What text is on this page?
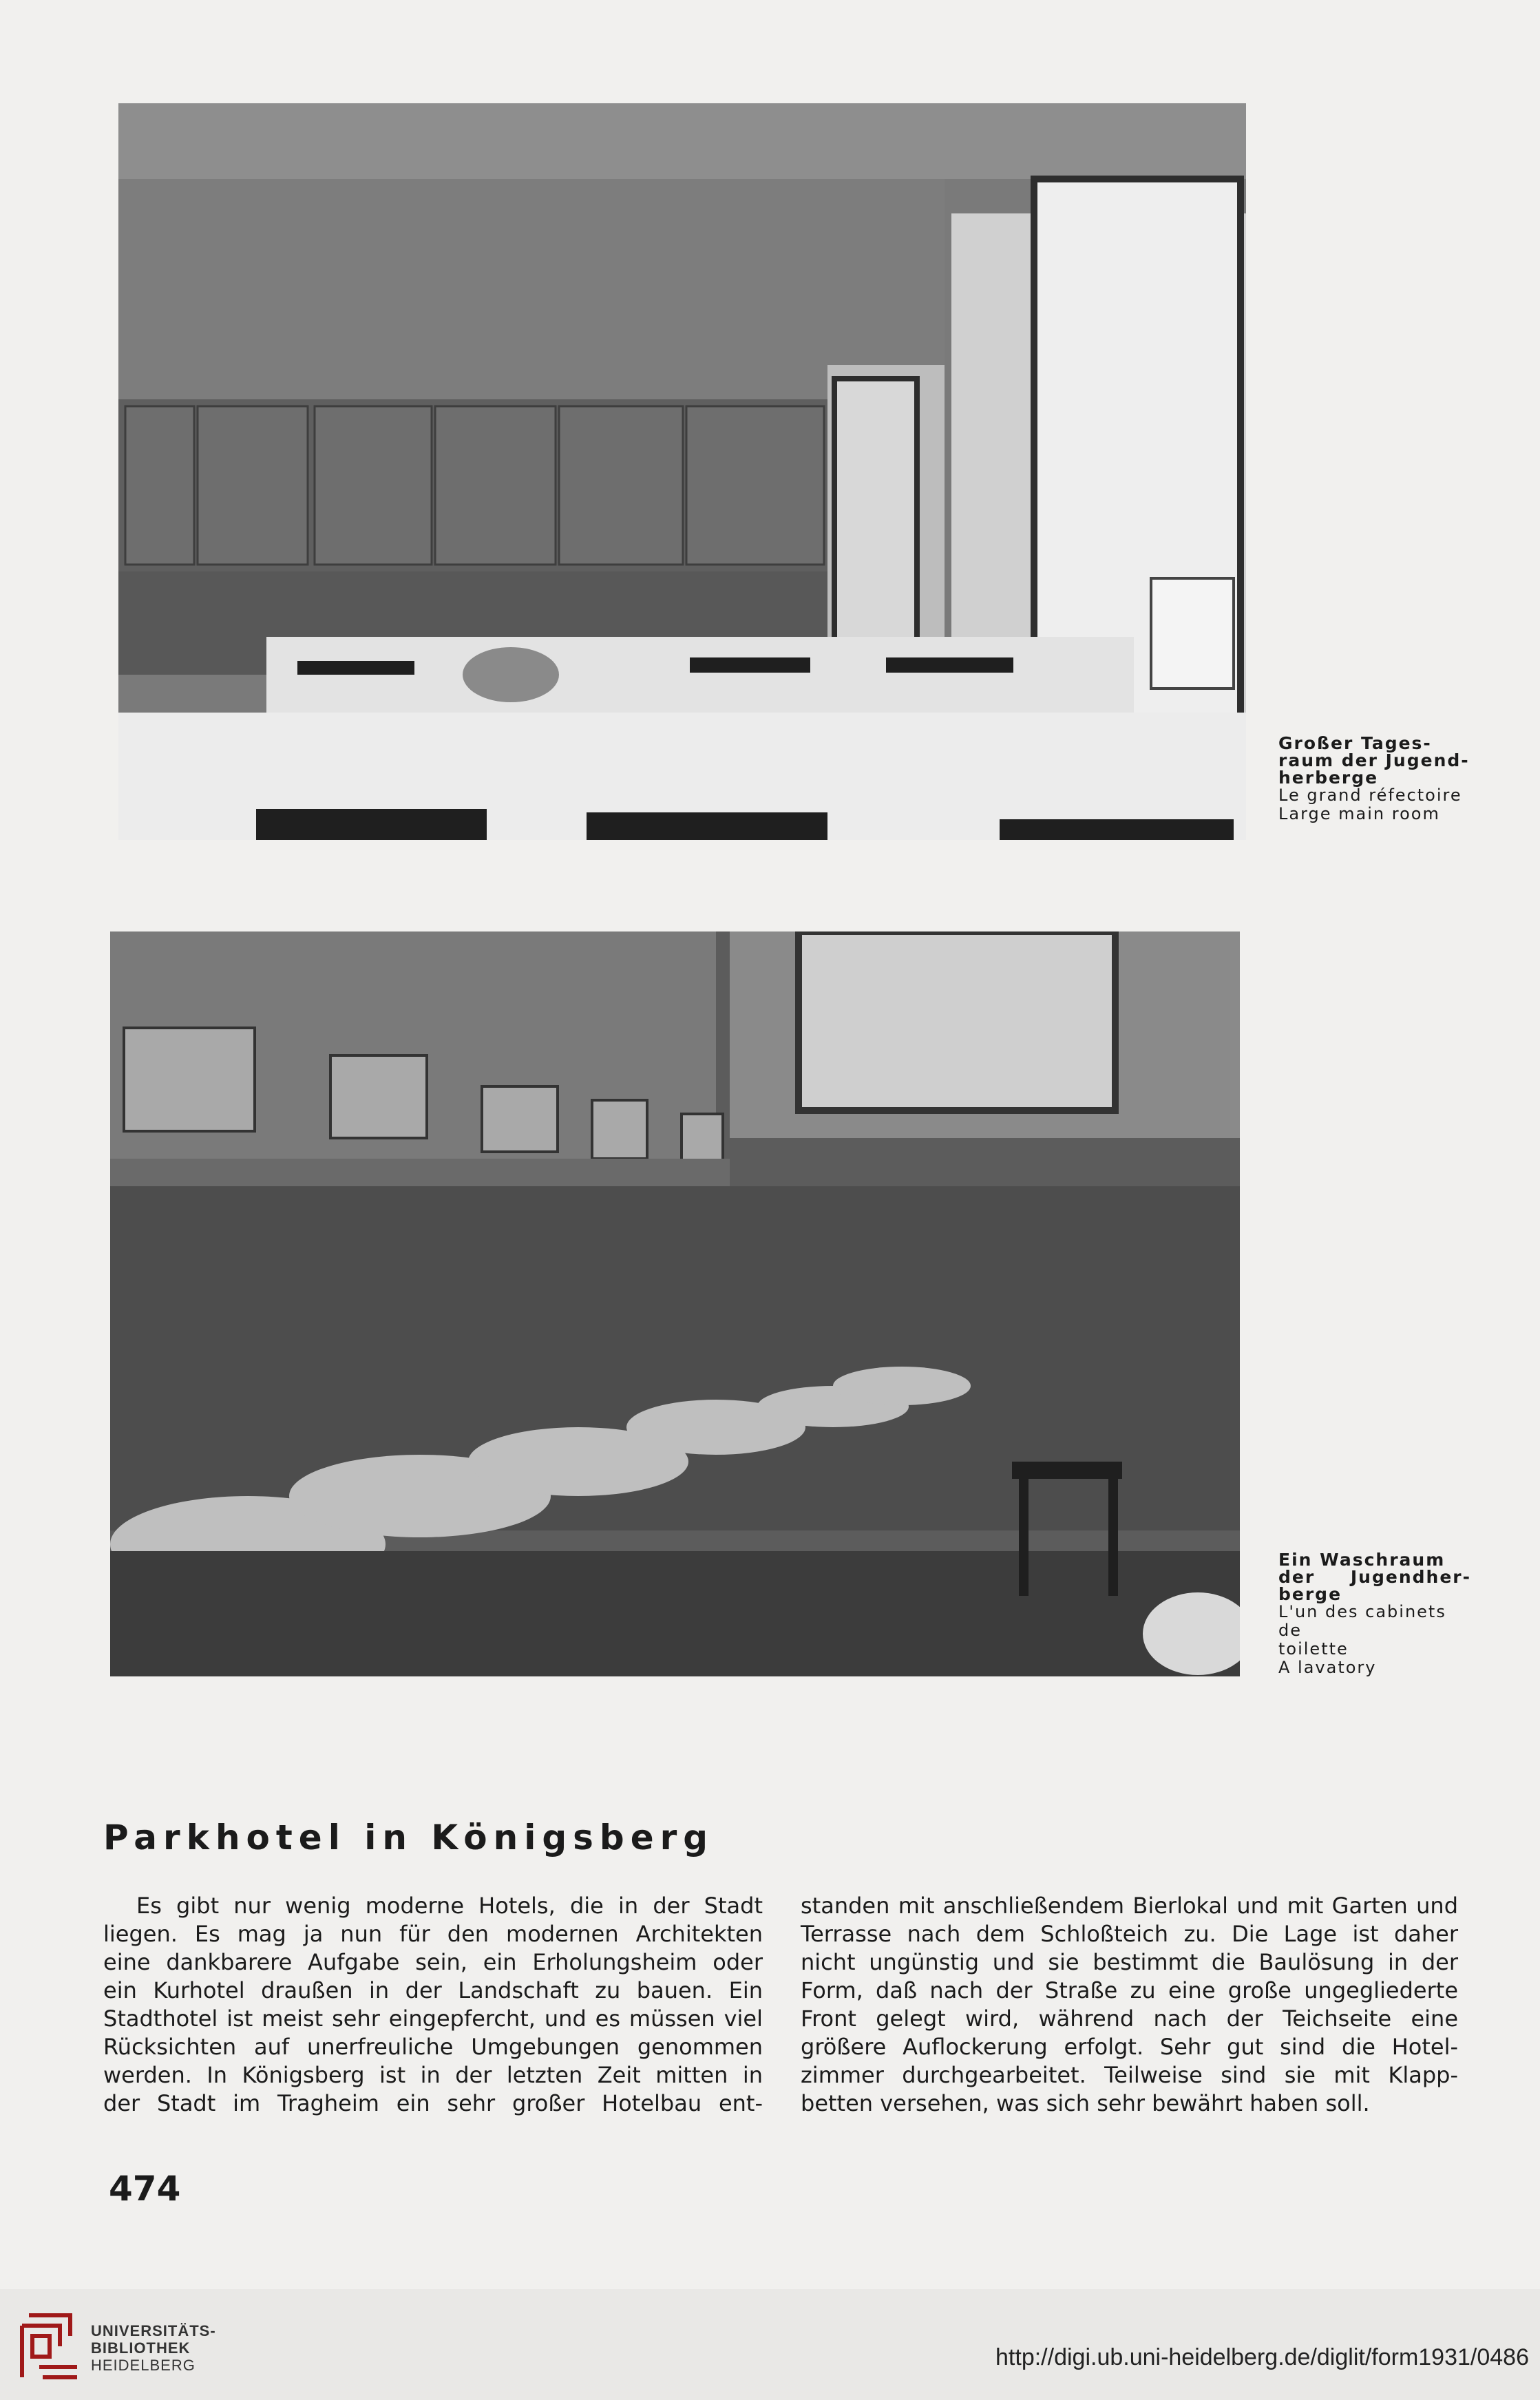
Großer Tages-

raum der Jugend-

herberge

Le grand réfectoire

Large main room

Ein Waschraum

der Jugendher-

berge

L'un des cabinets de

toilette

A lavatory

Parkhotel in Königsberg
Es gibt nur wenig moderne Hotels, die in der Stadt
liegen. Es mag ja nun für den modernen Architekten
eine dankbarere Aufgabe sein, ein Erholungsheim oder
ein Kurhotel draußen in der Landschaft zu bauen. Ein
Stadthotel ist meist sehr eingepfercht, und es müssen viel
Rücksichten auf unerfreuliche Umgebungen genommen
werden. In Königsberg ist in der letzten Zeit mitten in
der Stadt im Tragheim ein sehr großer Hotelbau ent-
standen mit anschließendem Bierlokal und mit Garten und
Terrasse nach dem Schloßteich zu. Die Lage ist daher
nicht ungünstig und sie bestimmt die Baulösung in der
Form, daß nach der Straße zu eine große ungegliederte
Front gelegt wird, während nach der Teichseite eine
größere Auflockerung erfolgt. Sehr gut sind die Hotel-
zimmer durchgearbeitet. Teilweise sind sie mit Klapp-
betten versehen, was sich sehr bewährt haben soll.

474

UNIVERSITÄTS-
BIBLIOTHEK
HEIDELBERG	http://digi.ub.uni-heidelberg.de/diglit/form1931/0486
